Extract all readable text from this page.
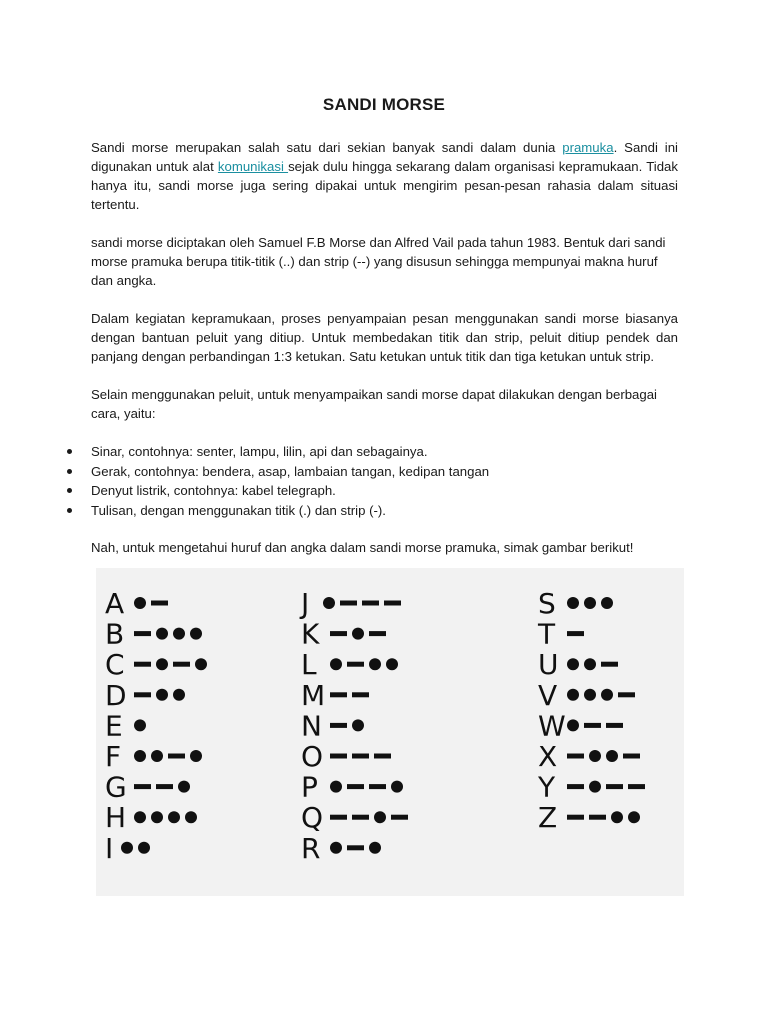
SANDI MORSE

Sandi morse merupakan salah satu dari sekian banyak sandi dalam dunia pramuka. Sandi ini digunakan untuk alat komunikasi sejak dulu hingga sekarang dalam organisasi kepramukaan. Tidak hanya itu, sandi morse juga sering dipakai untuk mengirim pesan-pesan rahasia dalam situasi tertentu.

sandi morse diciptakan oleh Samuel F.B Morse dan Alfred Vail pada tahun 1983. Bentuk dari sandi morse pramuka berupa titik-titik (..) dan strip (--) yang disusun sehingga mempunyai makna huruf dan angka.

Dalam kegiatan kepramukaan, proses penyampaian pesan menggunakan sandi morse biasanya dengan bantuan peluit yang ditiup. Untuk membedakan titik dan strip, peluit ditiup pendek dan panjang dengan perbandingan 1:3 ketukan. Satu ketukan untuk titik dan tiga ketukan untuk strip.

Selain menggunakan peluit, untuk menyampaikan sandi morse dapat dilakukan dengan berbagai cara, yaitu:

Sinar, contohnya: senter, lampu, lilin, api dan sebagainya.
Gerak, contohnya: bendera, asap, lambaian tangan, kedipan tangan
Denyut listrik, contohnya: kabel telegraph.
Tulisan, dengan menggunakan titik (.) dan strip (-).

Nah, untuk mengetahui huruf dan angka dalam sandi morse pramuka, simak gambar berikut!

A
B
C
D
E
F
G
H
I
J
K
L
M
N
O
P
Q
R
S
T
U
V
W
X
Y
Z
